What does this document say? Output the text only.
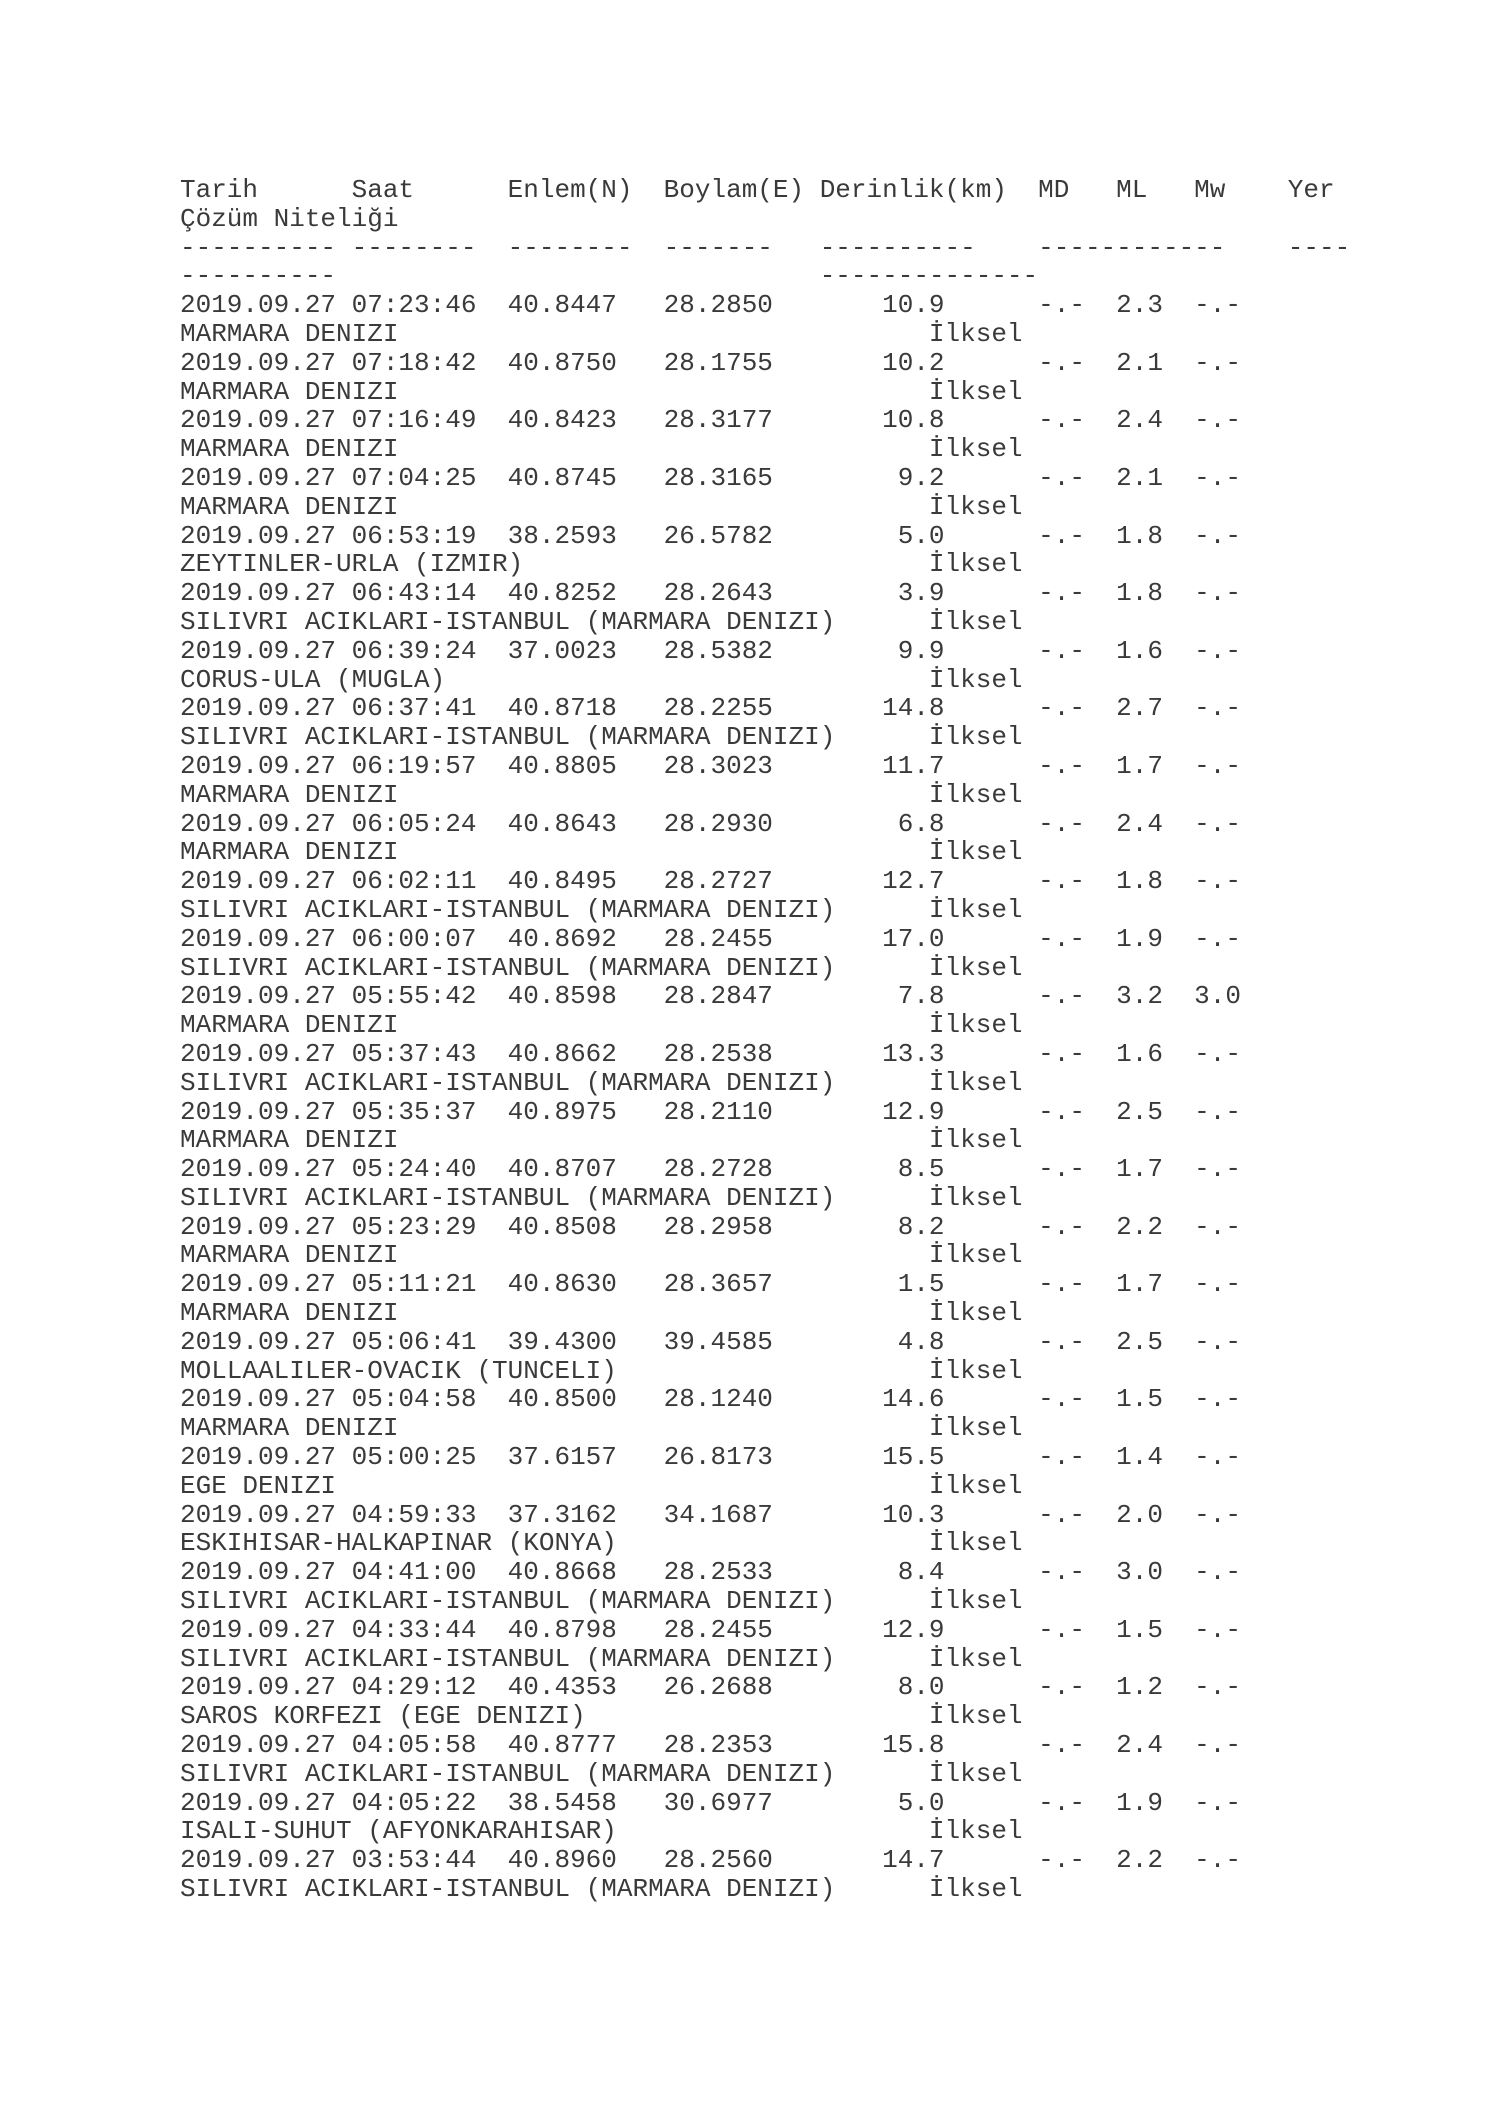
Tarih      Saat      Enlem(N)  Boylam(E) Derinlik(km)  MD   ML   Mw    Yer
Çözüm Niteliği
---------- --------  --------  -------   ----------    ------------    ----
----------                               --------------
2019.09.27 07:23:46  40.8447   28.2850       10.9      -.-  2.3  -.-
MARMARA DENIZI                                  İlksel
2019.09.27 07:18:42  40.8750   28.1755       10.2      -.-  2.1  -.-
MARMARA DENIZI                                  İlksel
2019.09.27 07:16:49  40.8423   28.3177       10.8      -.-  2.4  -.-
MARMARA DENIZI                                  İlksel
2019.09.27 07:04:25  40.8745   28.3165        9.2      -.-  2.1  -.-
MARMARA DENIZI                                  İlksel
2019.09.27 06:53:19  38.2593   26.5782        5.0      -.-  1.8  -.-
ZEYTINLER-URLA (IZMIR)                          İlksel
2019.09.27 06:43:14  40.8252   28.2643        3.9      -.-  1.8  -.-
SILIVRI ACIKLARI-ISTANBUL (MARMARA DENIZI)      İlksel
2019.09.27 06:39:24  37.0023   28.5382        9.9      -.-  1.6  -.-
CORUS-ULA (MUGLA)                               İlksel
2019.09.27 06:37:41  40.8718   28.2255       14.8      -.-  2.7  -.-
SILIVRI ACIKLARI-ISTANBUL (MARMARA DENIZI)      İlksel
2019.09.27 06:19:57  40.8805   28.3023       11.7      -.-  1.7  -.-
MARMARA DENIZI                                  İlksel
2019.09.27 06:05:24  40.8643   28.2930        6.8      -.-  2.4  -.-
MARMARA DENIZI                                  İlksel
2019.09.27 06:02:11  40.8495   28.2727       12.7      -.-  1.8  -.-
SILIVRI ACIKLARI-ISTANBUL (MARMARA DENIZI)      İlksel
2019.09.27 06:00:07  40.8692   28.2455       17.0      -.-  1.9  -.-
SILIVRI ACIKLARI-ISTANBUL (MARMARA DENIZI)      İlksel
2019.09.27 05:55:42  40.8598   28.2847        7.8      -.-  3.2  3.0
MARMARA DENIZI                                  İlksel
2019.09.27 05:37:43  40.8662   28.2538       13.3      -.-  1.6  -.-
SILIVRI ACIKLARI-ISTANBUL (MARMARA DENIZI)      İlksel
2019.09.27 05:35:37  40.8975   28.2110       12.9      -.-  2.5  -.-
MARMARA DENIZI                                  İlksel
2019.09.27 05:24:40  40.8707   28.2728        8.5      -.-  1.7  -.-
SILIVRI ACIKLARI-ISTANBUL (MARMARA DENIZI)      İlksel
2019.09.27 05:23:29  40.8508   28.2958        8.2      -.-  2.2  -.-
MARMARA DENIZI                                  İlksel
2019.09.27 05:11:21  40.8630   28.3657        1.5      -.-  1.7  -.-
MARMARA DENIZI                                  İlksel
2019.09.27 05:06:41  39.4300   39.4585        4.8      -.-  2.5  -.-
MOLLAALILER-OVACIK (TUNCELI)                    İlksel
2019.09.27 05:04:58  40.8500   28.1240       14.6      -.-  1.5  -.-
MARMARA DENIZI                                  İlksel
2019.09.27 05:00:25  37.6157   26.8173       15.5      -.-  1.4  -.-
EGE DENIZI                                      İlksel
2019.09.27 04:59:33  37.3162   34.1687       10.3      -.-  2.0  -.-
ESKIHISAR-HALKAPINAR (KONYA)                    İlksel
2019.09.27 04:41:00  40.8668   28.2533        8.4      -.-  3.0  -.-
SILIVRI ACIKLARI-ISTANBUL (MARMARA DENIZI)      İlksel
2019.09.27 04:33:44  40.8798   28.2455       12.9      -.-  1.5  -.-
SILIVRI ACIKLARI-ISTANBUL (MARMARA DENIZI)      İlksel
2019.09.27 04:29:12  40.4353   26.2688        8.0      -.-  1.2  -.-
SAROS KORFEZI (EGE DENIZI)                      İlksel
2019.09.27 04:05:58  40.8777   28.2353       15.8      -.-  2.4  -.-
SILIVRI ACIKLARI-ISTANBUL (MARMARA DENIZI)      İlksel
2019.09.27 04:05:22  38.5458   30.6977        5.0      -.-  1.9  -.-
ISALI-SUHUT (AFYONKARAHISAR)                    İlksel
2019.09.27 03:53:44  40.8960   28.2560       14.7      -.-  2.2  -.-
SILIVRI ACIKLARI-ISTANBUL (MARMARA DENIZI)      İlksel
